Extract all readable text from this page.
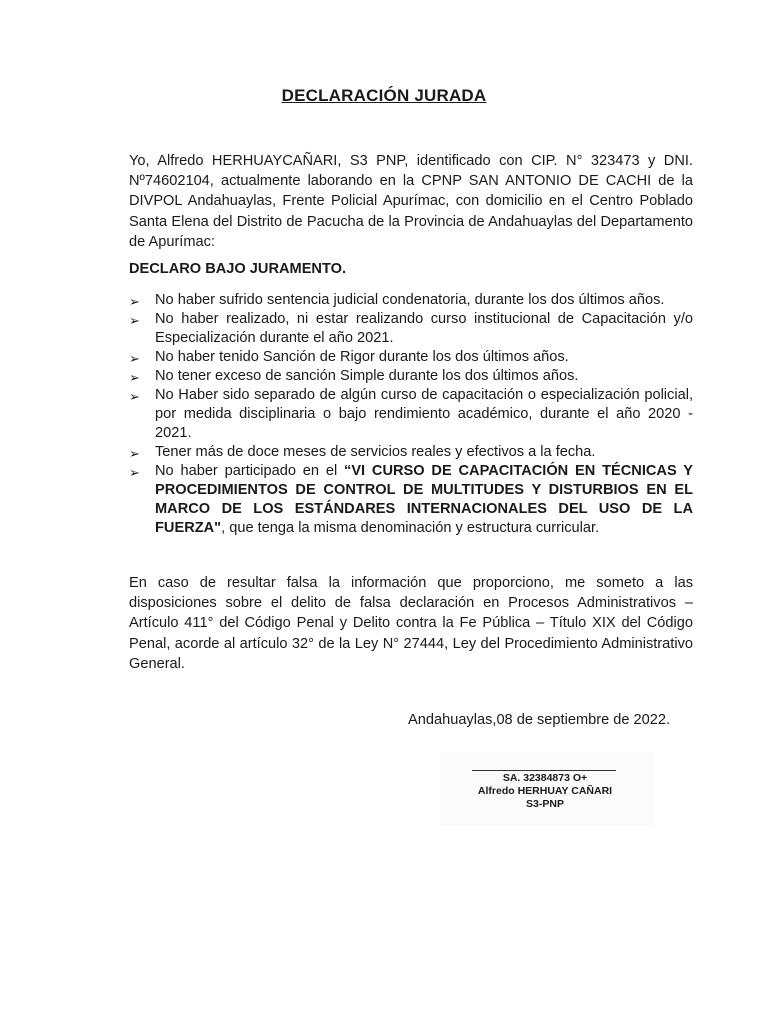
DECLARACIÓN JURADA

Yo, Alfredo HERHUAYCAÑARI, S3 PNP, identificado con CIP. N° 323473 y DNI. Nº74602104, actualmente laborando en la CPNP SAN ANTONIO DE CACHI de la DIVPOL Andahuaylas, Frente Policial Apurímac, con domicilio en el Centro Poblado Santa Elena del Distrito de Pacucha de la Provincia de Andahuaylas del Departamento de Apurímac:

DECLARO BAJO JURAMENTO.

➢ No haber sufrido sentencia judicial condenatoria, durante los dos últimos años.
➢ No haber realizado, ni estar realizando curso institucional de Capacitación y/o Especialización durante el año 2021.
➢ No haber tenido Sanción de Rigor durante los dos últimos años.
➢ No tener exceso de sanción Simple durante los dos últimos años.
➢ No Haber sido separado de algún curso de capacitación o especialización policial, por medida disciplinaria o bajo rendimiento académico, durante el año 2020 - 2021.
➢ Tener más de doce meses de servicios reales y efectivos a la fecha.
➢ No haber participado en el “VI CURSO DE CAPACITACIÓN EN TÉCNICAS Y PROCEDIMIENTOS DE CONTROL DE MULTITUDES Y DISTURBIOS EN EL MARCO DE LOS ESTÁNDARES INTERNACIONALES DEL USO DE LA FUERZA", que tenga la misma denominación y estructura curricular.

En caso de resultar falsa la información que proporciono, me someto a las disposiciones sobre el delito de falsa declaración en Procesos Administrativos – Artículo 411° del Código Penal y Delito contra la Fe Pública – Título XIX del Código Penal, acorde al artículo 32° de la Ley N° 27444, Ley del Procedimiento Administrativo General.

Andahuaylas,08 de septiembre de 2022.

SA. 32384873 O+
Alfredo HERHUAY CAÑARI
S3-PNP
